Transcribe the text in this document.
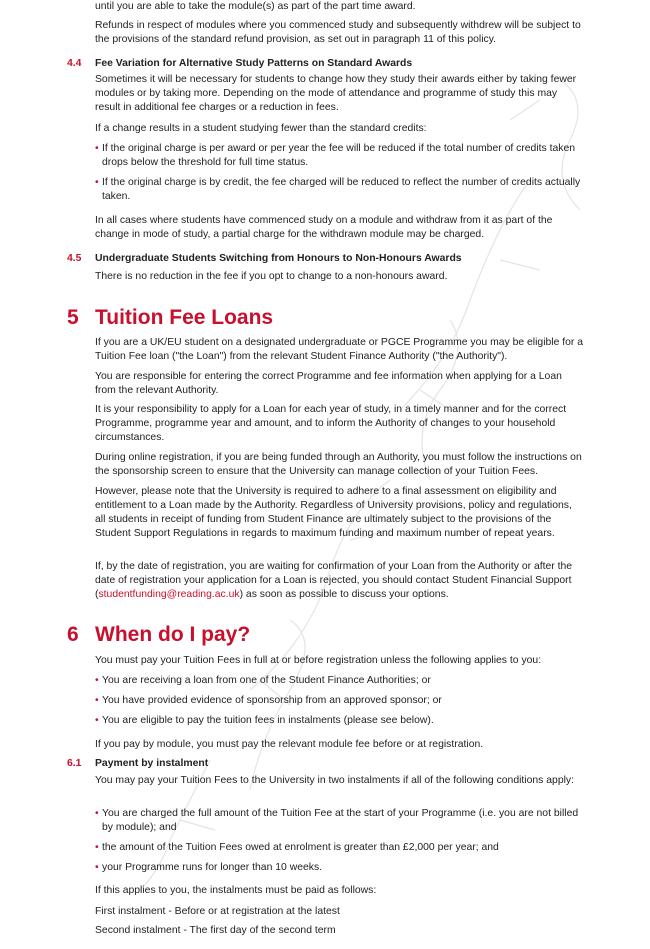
until you are able to take the module(s) as part of the part time award.

Refunds in respect of modules where you commenced study and subsequently withdrew will be subject to the provisions of the standard refund provision, as set out in paragraph 11 of this policy.

4.4 Fee Variation for Alternative Study Patterns on Standard Awards

Sometimes it will be necessary for students to change how they study their awards either by taking fewer modules or by taking more. Depending on the mode of attendance and programme of study this may result in additional fee charges or a reduction in fees.

If a change results in a student studying fewer than the standard credits:

• If the original charge is per award or per year the fee will be reduced if the total number of credits taken drops below the threshold for full time status.
• If the original charge is by credit, the fee charged will be reduced to reflect the number of credits actually taken.

In all cases where students have commenced study on a module and withdraw from it as part of the change in mode of study, a partial charge for the withdrawn module may be charged.

4.5 Undergraduate Students Switching from Honours to Non-Honours Awards

There is no reduction in the fee if you opt to change to a non-honours award.

5 Tuition Fee Loans

If you are a UK/EU student on a designated undergraduate or PGCE Programme you may be eligible for a Tuition Fee loan ("the Loan") from the relevant Student Finance Authority ("the Authority").

You are responsible for entering the correct Programme and fee information when applying for a Loan from the relevant Authority.

It is your responsibility to apply for a Loan for each year of study, in a timely manner and for the correct Programme, programme year and amount, and to inform the Authority of changes to your household circumstances.

During online registration, if you are being funded through an Authority, you must follow the instructions on the sponsorship screen to ensure that the University can manage collection of your Tuition Fees.

However, please note that the University is required to adhere to a final assessment on eligibility and entitlement to a Loan made by the Authority. Regardless of University provisions, policy and regulations, all students in receipt of funding from Student Finance are ultimately subject to the provisions of the Student Support Regulations in regards to maximum funding and maximum number of repeat years.

If, by the date of registration, you are waiting for confirmation of your Loan from the Authority or after the date of registration your application for a Loan is rejected, you should contact Student Financial Support (studentfunding@reading.ac.uk) as soon as possible to discuss your options.

6 When do I pay?

You must pay your Tuition Fees in full at or before registration unless the following applies to you:

• You are receiving a loan from one of the Student Finance Authorities; or
• You have provided evidence of sponsorship from an approved sponsor; or
• You are eligible to pay the tuition fees in instalments (please see below).

If you pay by module, you must pay the relevant module fee before or at registration.

6.1 Payment by instalment

You may pay your Tuition Fees to the University in two instalments if all of the following conditions apply:

• You are charged the full amount of the Tuition Fee at the start of your Programme (i.e. you are not billed by module); and
• the amount of the Tuition Fees owed at enrolment is greater than £2,000 per year; and
• your Programme runs for longer than 10 weeks.

If this applies to you, the instalments must be paid as follows:

First instalment - Before or at registration at the latest

Second instalment - The first day of the second term
